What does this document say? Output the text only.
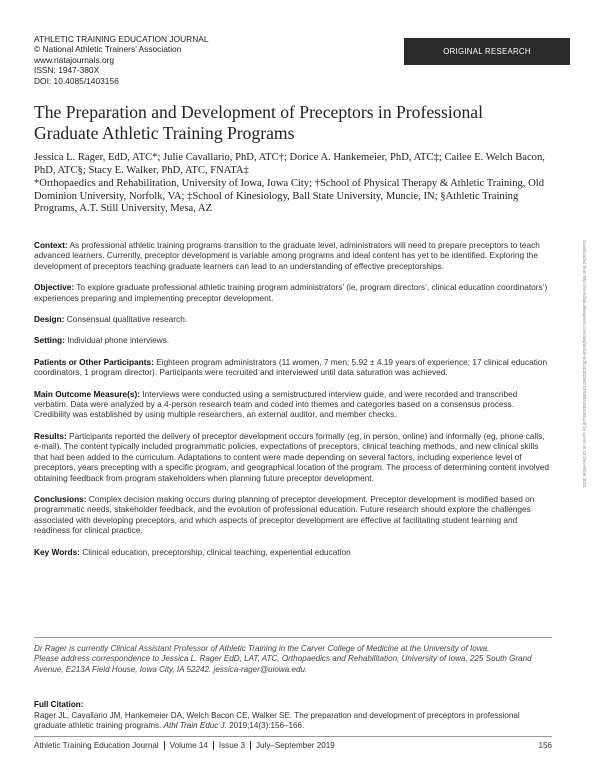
ATHLETIC TRAINING EDUCATION JOURNAL
© National Athletic Trainers’ Association
www.natajournals.org
ISSN: 1947-380X
DOI: 10.4085/1403156
ORIGINAL RESEARCH
The Preparation and Development of Preceptors in Professional Graduate Athletic Training Programs
Jessica L. Rager, EdD, ATC*; Julie Cavallario, PhD, ATC†; Dorice A. Hankemeier, PhD, ATC‡; Cailee E. Welch Bacon, PhD, ATC§; Stacy E. Walker, PhD, ATC, FNATA‡
*Orthopaedics and Rehabilitation, University of Iowa, Iowa City; †School of Physical Therapy & Athletic Training, Old Dominion University, Norfolk, VA; ‡School of Kinesiology, Ball State University, Muncie, IN; §Athletic Training Programs, A.T. Still University, Mesa, AZ
Downloaded from http://meridian.allenpress.com/atej/article-pdf/14/3/156/2197068/1403156.pdf by guest on 10 December 2021

Context: As professional athletic training programs transition to the graduate level, administrators will need to prepare preceptors to teach advanced learners. Currently, preceptor development is variable among programs and ideal content has yet to be identified. Exploring the development of preceptors teaching graduate learners can lead to an understanding of effective preceptorships.

Objective: To explore graduate professional athletic training program administrators’ (ie, program directors’, clinical education coordinators’) experiences preparing and implementing preceptor development.

Design: Consensual qualitative research.

Setting: Individual phone interviews.

Patients or Other Participants: Eighteen program administrators (11 women, 7 men; 5.92 ± 4.19 years of experience; 17 clinical education coordinators, 1 program director). Participants were recruited and interviewed until data saturation was achieved.

Main Outcome Measure(s): Interviews were conducted using a semistructured interview guide, and were recorded and transcribed verbatim. Data were analyzed by a 4-person research team and coded into themes and categories based on a consensus process. Credibility was established by using multiple researchers, an external auditor, and member checks.

Results: Participants reported the delivery of preceptor development occurs formally (eg, in person, online) and informally (eg, phone calls, e-mail). The content typically included programmatic policies, expectations of preceptors, clinical teaching methods, and new clinical skills that had been added to the curriculum. Adaptations to content were made depending on several factors, including experience level of preceptors, years precepting with a specific program, and geographical location of the program. The process of determining content involved obtaining feedback from program stakeholders when planning future preceptor development.

Conclusions: Complex decision making occurs during planning of preceptor development. Preceptor development is modified based on programmatic needs, stakeholder feedback, and the evolution of professional education. Future research should explore the challenges associated with developing preceptors, and which aspects of preceptor development are effective at facilitating student learning and readiness for clinical practice.

Key Words: Clinical education, preceptorship, clinical teaching, experiential education

Dr Rager is currently Clinical Assistant Professor of Athletic Training in the Carver College of Medicine at the University of Iowa.

Please address correspondence to Jessica L. Rager EdD, LAT, ATC, Orthopaedics and Rehabilitation, University of Iowa, 225 South Grand Avenue, E213A Field House, Iowa City, IA 52242. jessica-rager@uiowa.edu.

Full Citation:
Rager JL, Cavallario JM, Hankemeier DA, Welch Bacon CE, Walker SE. The preparation and development of preceptors in professional graduate athletic training programs. Athl Train Educ J. 2019;14(3):156–166.
Athletic Training Education Journal Volume 14 Issue 3 July–September 2019	156
